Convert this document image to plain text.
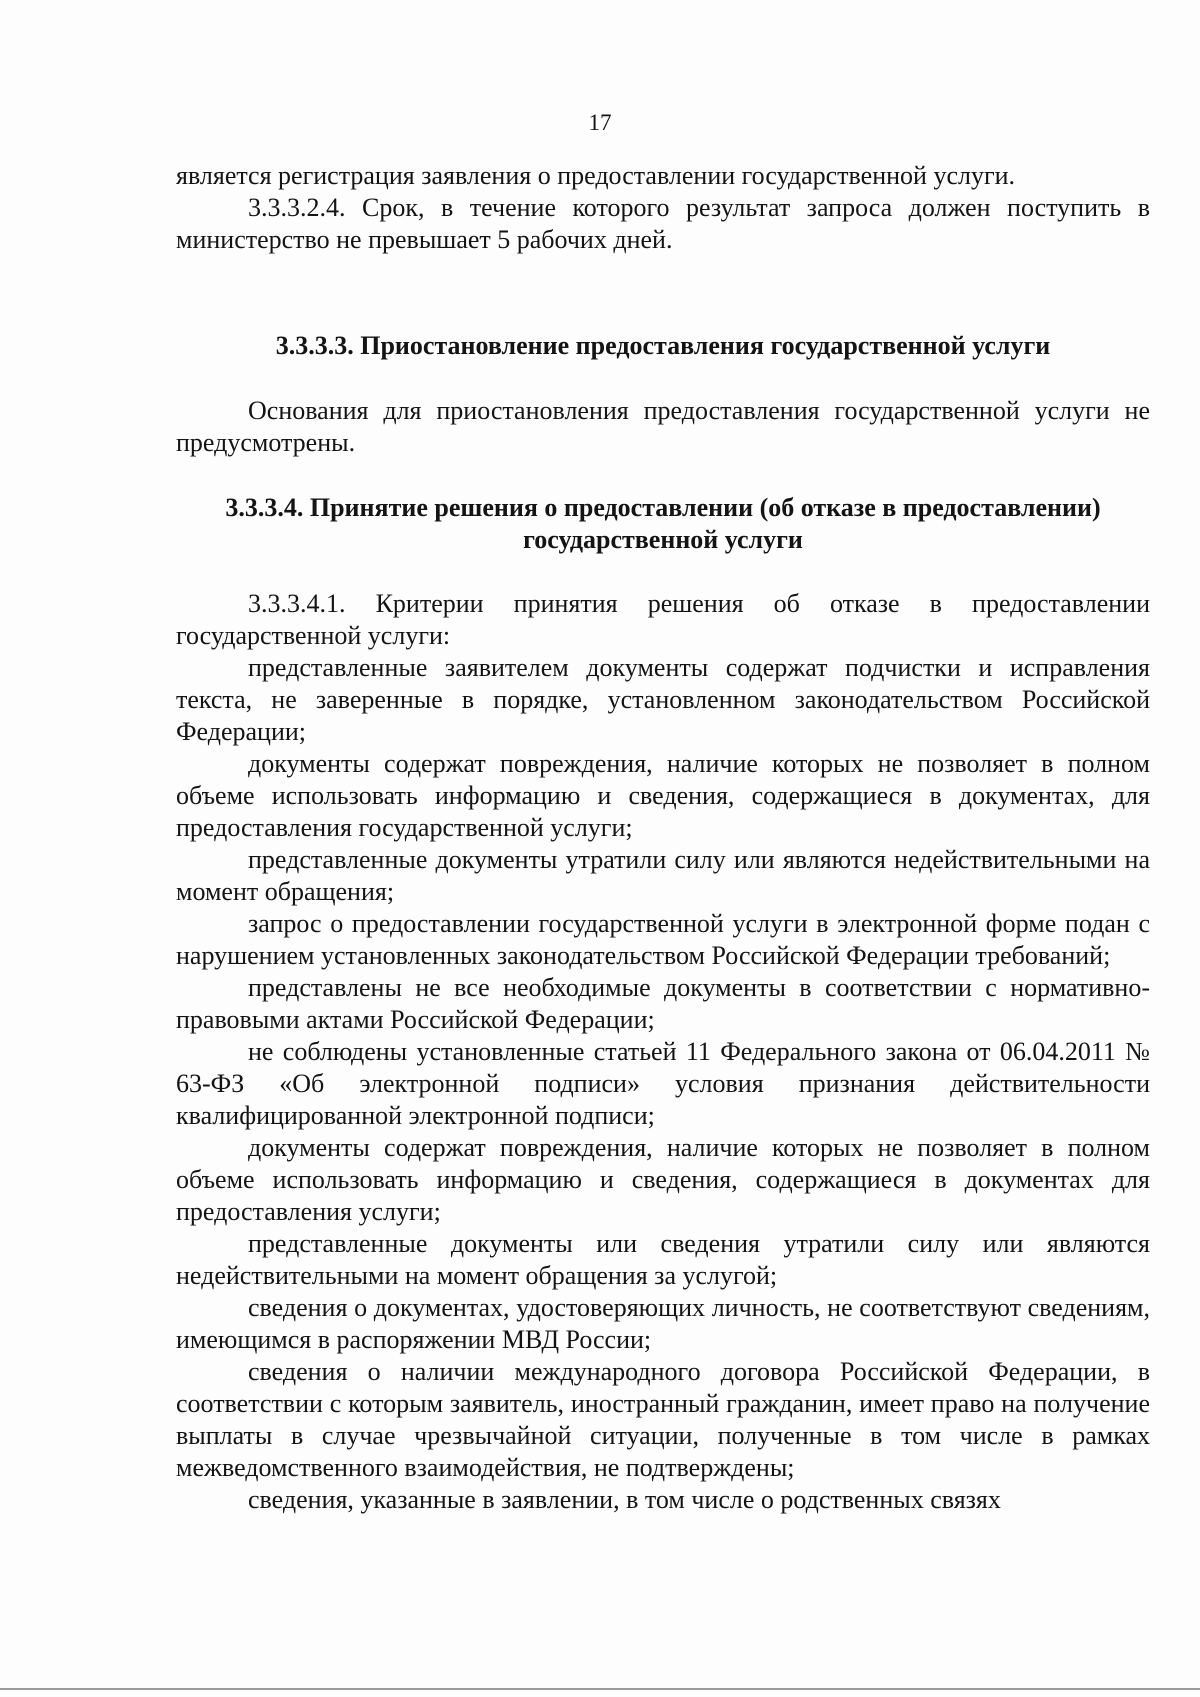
17

является регистрация заявления о предоставлении государственной услуги.

3.3.3.2.4. Срок, в течение которого результат запроса должен поступить в министерство не превышает 5 рабочих дней.

3.3.3.3. Приостановление предоставления государственной услуги

Основания для приостановления предоставления государственной услуги не предусмотрены.

3.3.3.4. Принятие решения о предоставлении (об отказе в предоставлении)

государственной услуги

3.3.3.4.1. Критерии принятия решения об отказе в предоставлении государственной услуги:

представленные заявителем документы содержат подчистки и исправления текста, не заверенные в порядке, установленном законодательством Российской Федерации;

документы содержат повреждения, наличие которых не позволяет в полном объеме использовать информацию и сведения, содержащиеся в документах, для предоставления государственной услуги;

представленные документы утратили силу или являются недействительными на момент обращения;

запрос о предоставлении государственной услуги в электронной форме подан с нарушением установленных законодательством Российской Федерации требований;

представлены не все необходимые документы в соответствии с нормативно-правовыми актами Российской Федерации;

не соблюдены установленные статьей 11 Федерального закона от 06.04.2011 № 63-ФЗ «Об электронной подписи» условия признания действительности квалифицированной электронной подписи;

документы содержат повреждения, наличие которых не позволяет в полном объеме использовать информацию и сведения, содержащиеся в документах для предоставления услуги;

представленные документы или сведения утратили силу или являются недействительными на момент обращения за услугой;

сведения о документах, удостоверяющих личность, не соответствуют сведениям, имеющимся в распоряжении МВД России;

сведения о наличии международного договора Российской Федерации, в соответствии с которым заявитель, иностранный гражданин, имеет право на получение выплаты в случае чрезвычайной ситуации, полученные в том числе в рамках межведомственного взаимодействия, не подтверждены;

сведения, указанные в заявлении, в том числе о родственных связях
